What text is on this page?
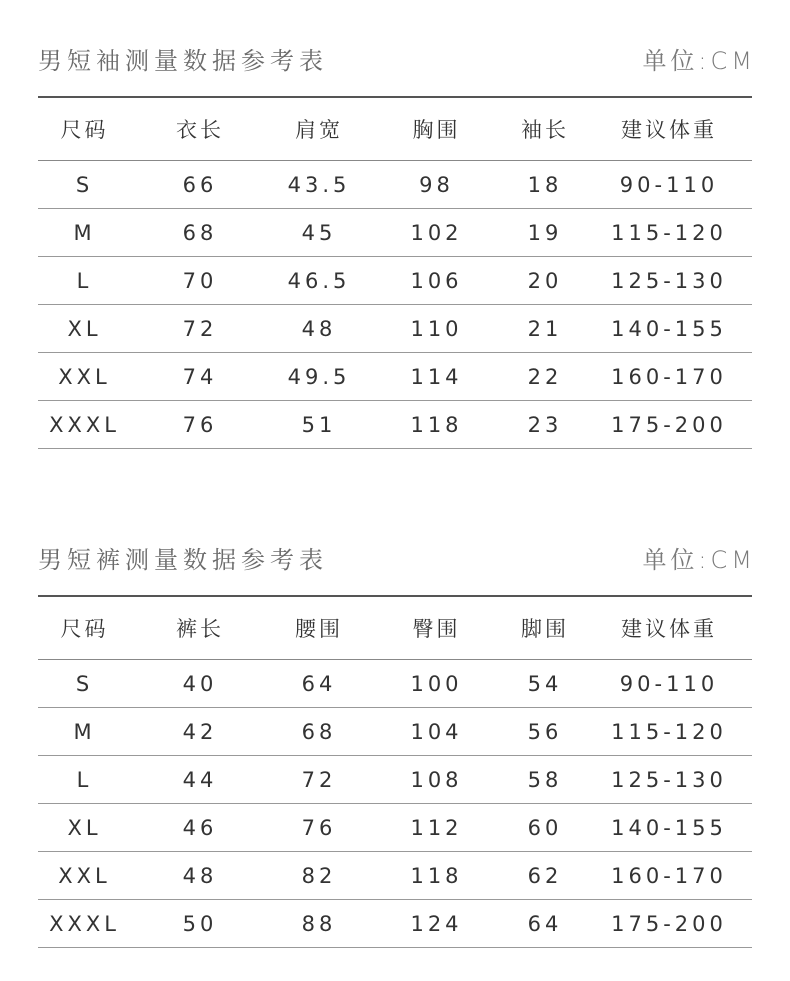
男短袖测量数据参考表	单位:CM
尺码	衣长	肩宽	胸围	袖长	建议体重
S	66	43.5	98	18	90-110
M	68	45	102	19	115-120
L	70	46.5	106	20	125-130
XL	72	48	110	21	140-155
XXL	74	49.5	114	22	160-170
XXXL	76	51	118	23	175-200
男短裤测量数据参考表	单位:CM
尺码	裤长	腰围	臀围	脚围	建议体重
S	40	64	100	54	90-110
M	42	68	104	56	115-120
L	44	72	108	58	125-130
XL	46	76	112	60	140-155
XXL	48	82	118	62	160-170
XXXL	50	88	124	64	175-200
